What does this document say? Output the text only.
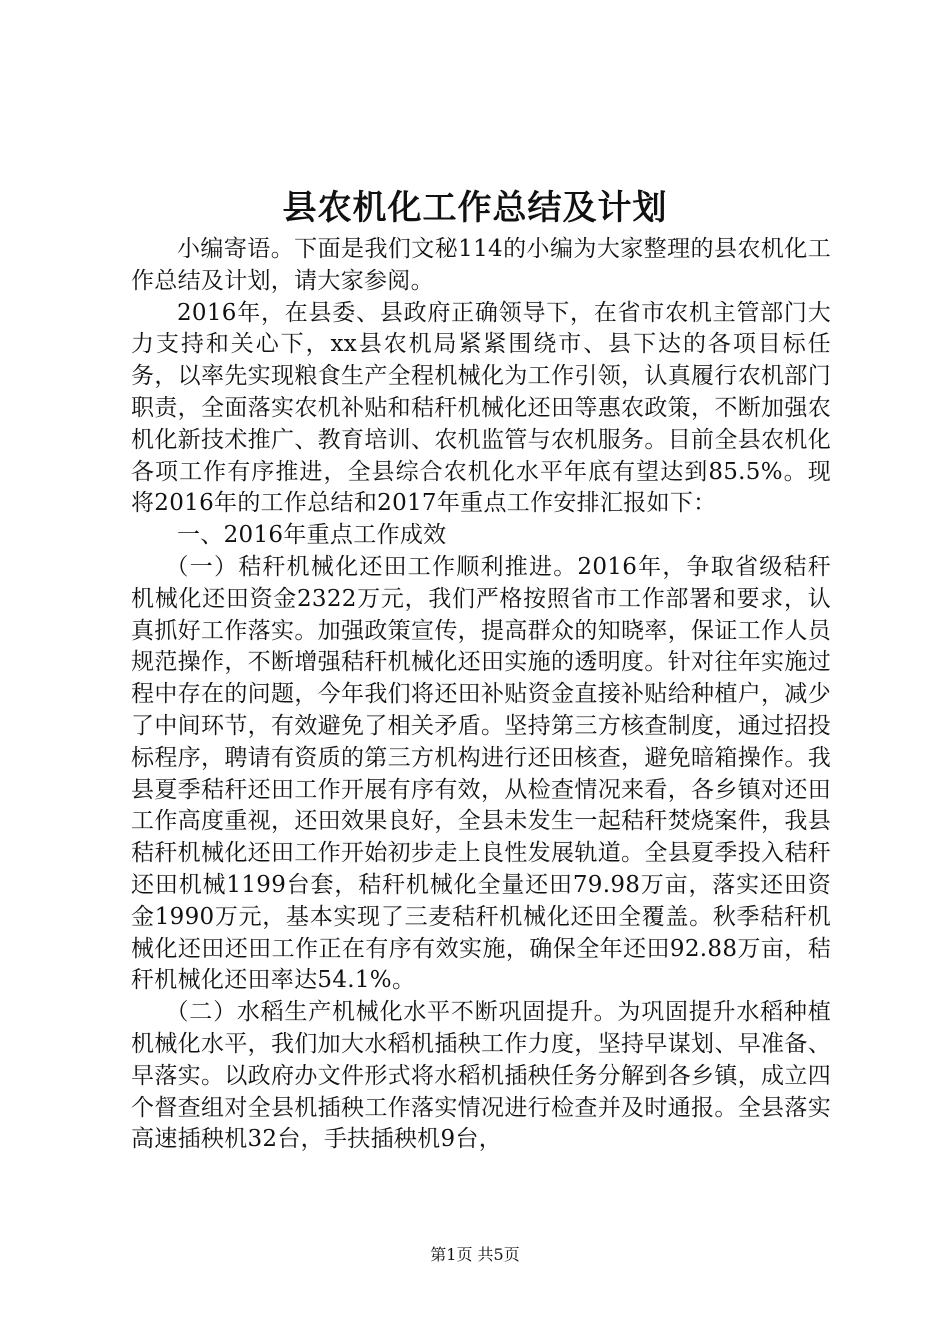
县农机化工作总结及计划

小编寄语。下面是我们文秘114的小编为大家整理的县农机化工作总结及计划，请大家参阅。

2016年，在县委、县政府正确领导下，在省市农机主管部门大力支持和关心下，xx县农机局紧紧围绕市、县下达的各项目标任务，以率先实现粮食生产全程机械化为工作引领，认真履行农机部门职责，全面落实农机补贴和秸秆机械化还田等惠农政策，不断加强农机化新技术推广、教育培训、农机监管与农机服务。目前全县农机化各项工作有序推进，全县综合农机化水平年底有望达到85.5%。现将2016年的工作总结和2017年重点工作安排汇报如下：

一、2016年重点工作成效

（一）秸秆机械化还田工作顺利推进。2016年，争取省级秸秆机械化还田资金2322万元，我们严格按照省市工作部署和要求，认真抓好工作落实。加强政策宣传，提高群众的知晓率，保证工作人员规范操作，不断增强秸秆机械化还田实施的透明度。针对往年实施过程中存在的问题，今年我们将还田补贴资金直接补贴给种植户，减少了中间环节，有效避免了相关矛盾。坚持第三方核查制度，通过招投标程序，聘请有资质的第三方机构进行还田核查，避免暗箱操作。我县夏季秸秆还田工作开展有序有效，从检查情况来看，各乡镇对还田工作高度重视，还田效果良好，全县未发生一起秸秆焚烧案件，我县秸秆机械化还田工作开始初步走上良性发展轨道。全县夏季投入秸秆还田机械1199台套，秸秆机械化全量还田79.98万亩，落实还田资金1990万元，基本实现了三麦秸秆机械化还田全覆盖。秋季秸秆机械化还田还田工作正在有序有效实施，确保全年还田92.88万亩，秸秆机械化还田率达54.1%。

（二）水稻生产机械化水平不断巩固提升。为巩固提升水稻种植机械化水平，我们加大水稻机插秧工作力度，坚持早谋划、早准备、早落实。以政府办文件形式将水稻机插秧任务分解到各乡镇，成立四个督查组对全县机插秧工作落实情况进行检查并及时通报。全县落实高速插秧机32台，手扶插秧机9台，

第1页 共5页
